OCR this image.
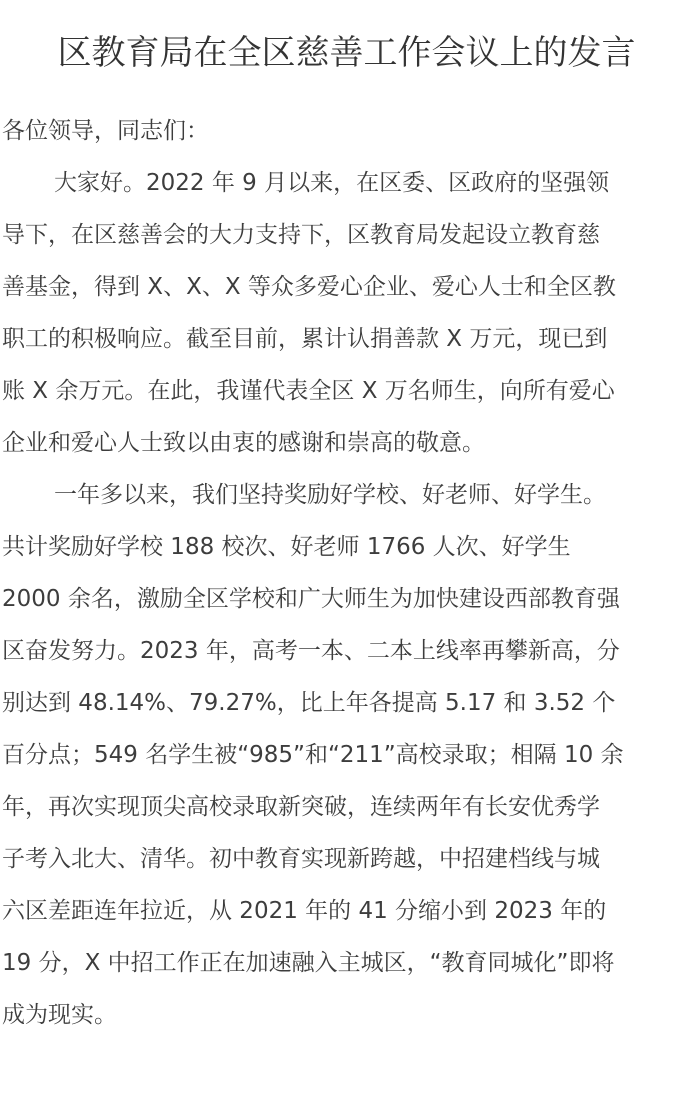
区教育局在全区慈善工作会议上的发言
各位领导，同志们：
大家好。2022 年 9 月以来，在区委、区政府的坚强领
导下，在区慈善会的大力支持下，区教育局发起设立教育慈
善基金，得到 X、X、X 等众多爱心企业、爱心人士和全区教
职工的积极响应。截至目前，累计认捐善款 X 万元，现已到
账 X 余万元。在此，我谨代表全区 X 万名师生，向所有爱心
企业和爱心人士致以由衷的感谢和崇高的敬意。
一年多以来，我们坚持奖励好学校、好老师、好学生。
共计奖励好学校 188 校次、好老师 1766 人次、好学生
2000 余名，激励全区学校和广大师生为加快建设西部教育强
区奋发努力。2023 年，高考一本、二本上线率再攀新高，分
别达到 48.14%、79.27%，比上年各提高 5.17 和 3.52 个
百分点；549 名学生被“985”和“211”高校录取；相隔 10 余
年，再次实现顶尖高校录取新突破，连续两年有长安优秀学
子考入北大、清华。初中教育实现新跨越，中招建档线与城
六区差距连年拉近，从 2021 年的 41 分缩小到 2023 年的
19 分，X 中招工作正在加速融入主城区，“教育同城化”即将
成为现实。
